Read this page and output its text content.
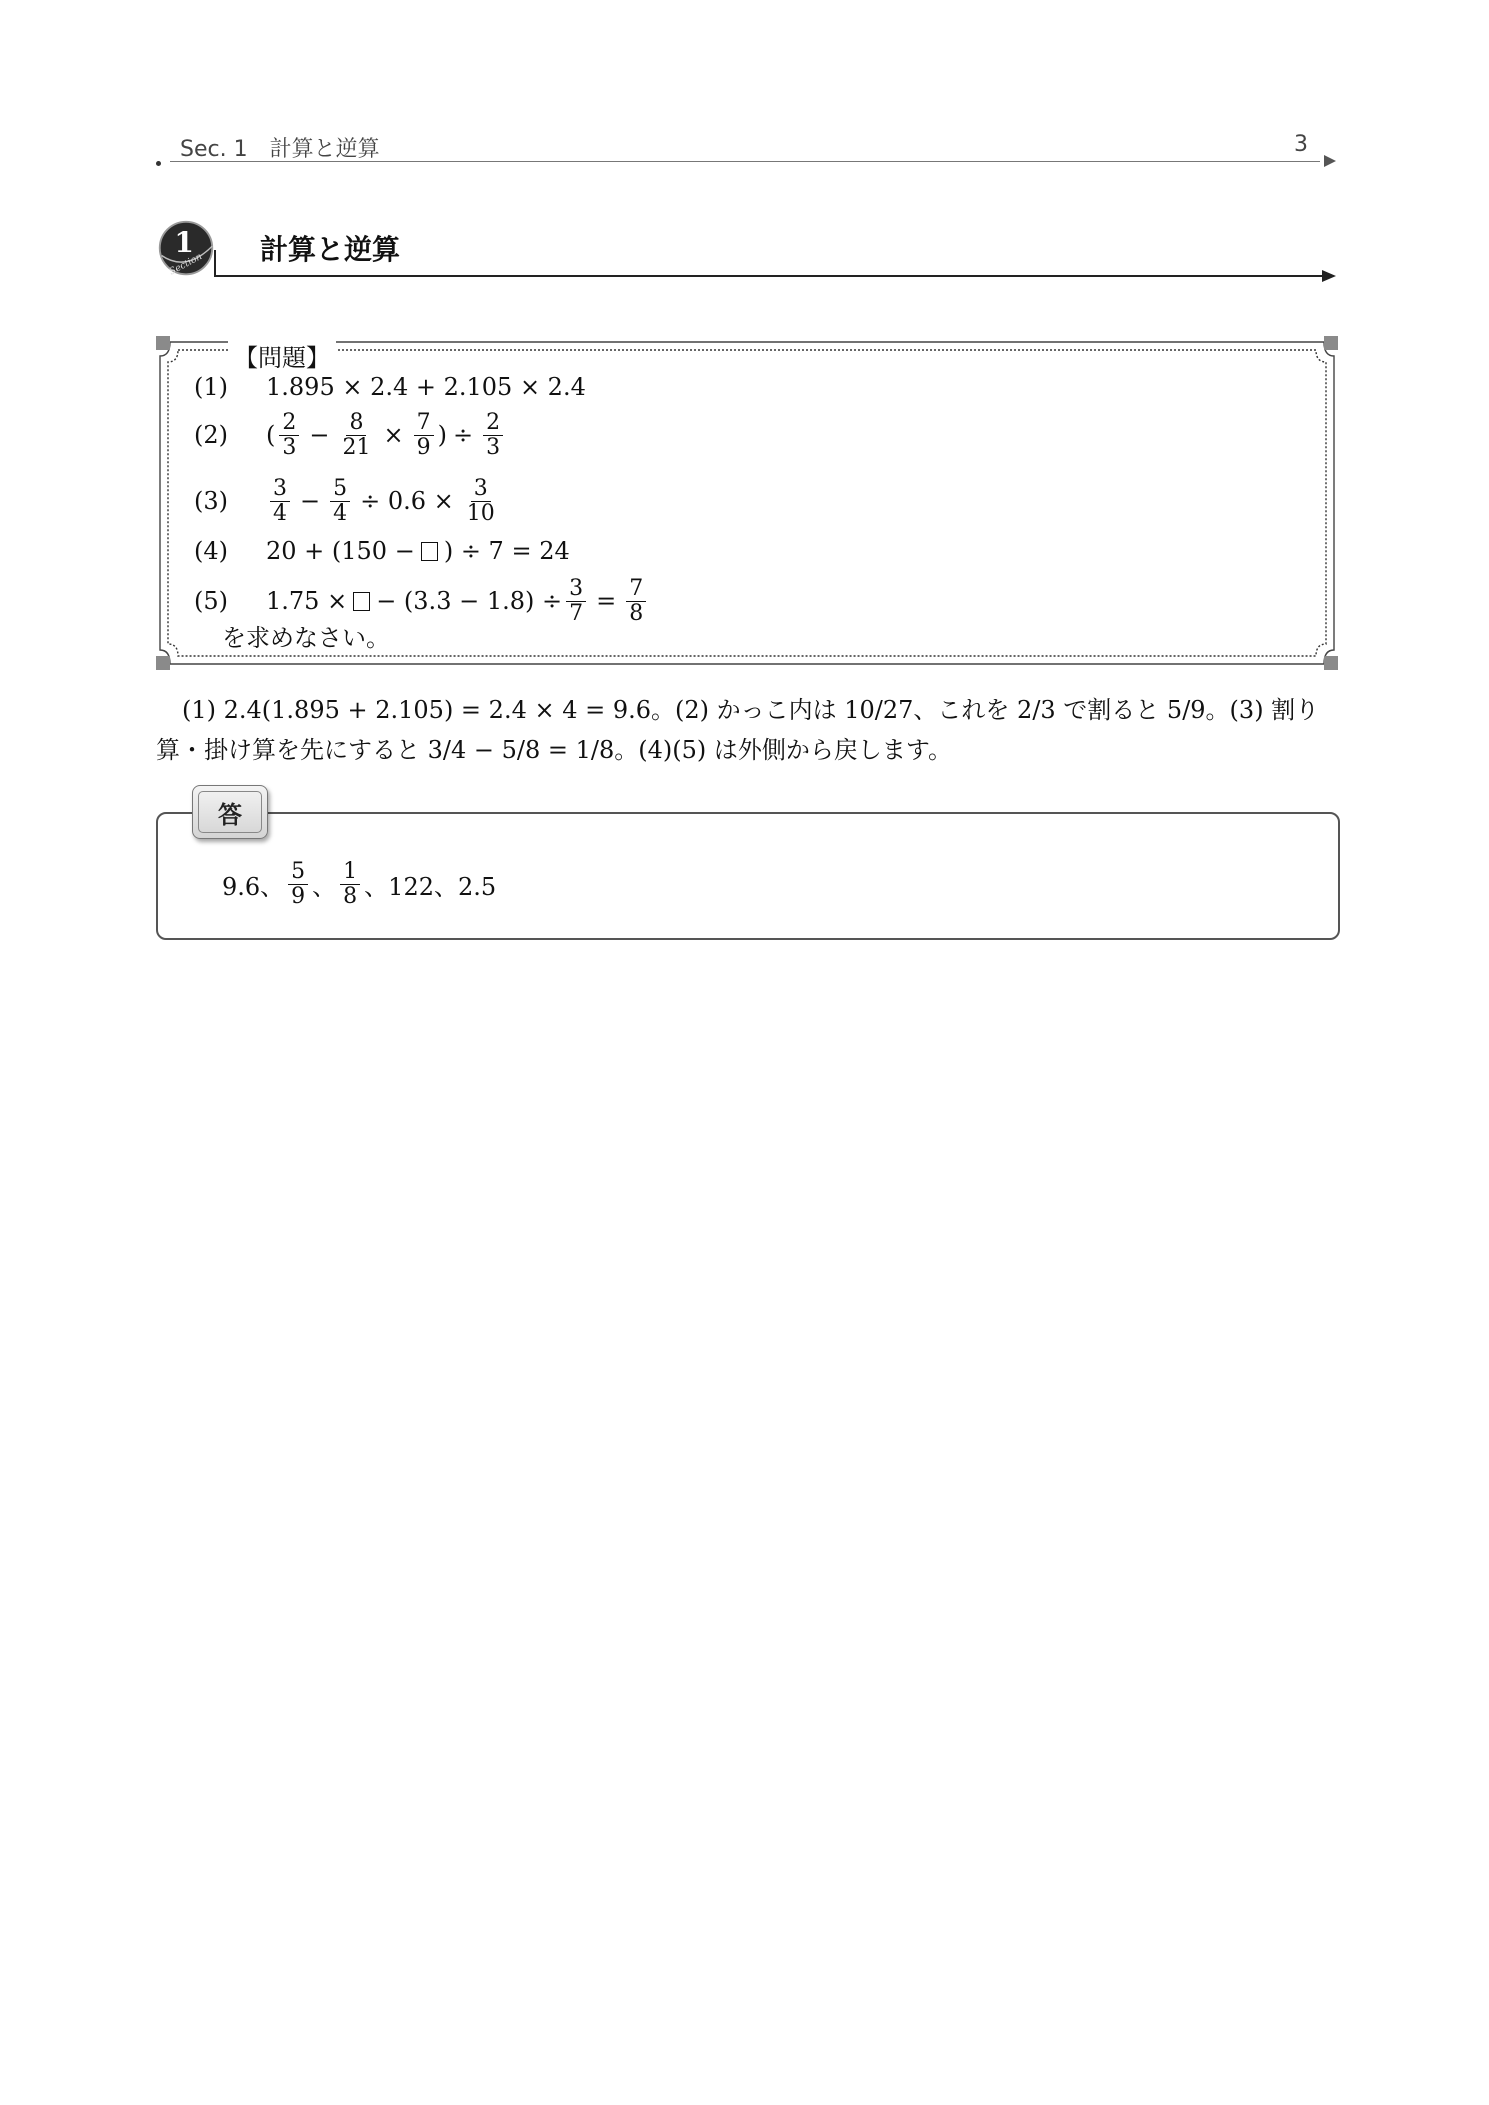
Sec. 1　計算と逆算	3
1
Section 計算と逆算
【問題】
(1)	1.895 × 2.4 + 2.105 × 2.4
(2)	( $\frac{2}{3} - \frac{8}{21} \times \frac{7}{9}$ ) ÷ $\frac{2}{3}$
(3)	$\frac{3}{4} - \frac{5}{4} \div 0.6 \times \frac{3}{10}$
(4)	20 + (150 − ) ÷ 7 = 24
(5)	1.75 × − $(3.3 - 1.8) \div \frac{3}{7} = \frac{7}{8}$
を求めなさい。
(1) 2.4(1.895 + 2.105) = 2.4 × 4 = 9.6。(2) かっこ内は 10/27、これを 2/3 で割ると 5/9。(3) 割り算・掛け算を先にすると 3/4 − 5/8 = 1/8。(4)(5) は外側から戻します。
答
9.6、 $\frac{5}{9}$ 、 $\frac{1}{8}$ 、122、2.5
